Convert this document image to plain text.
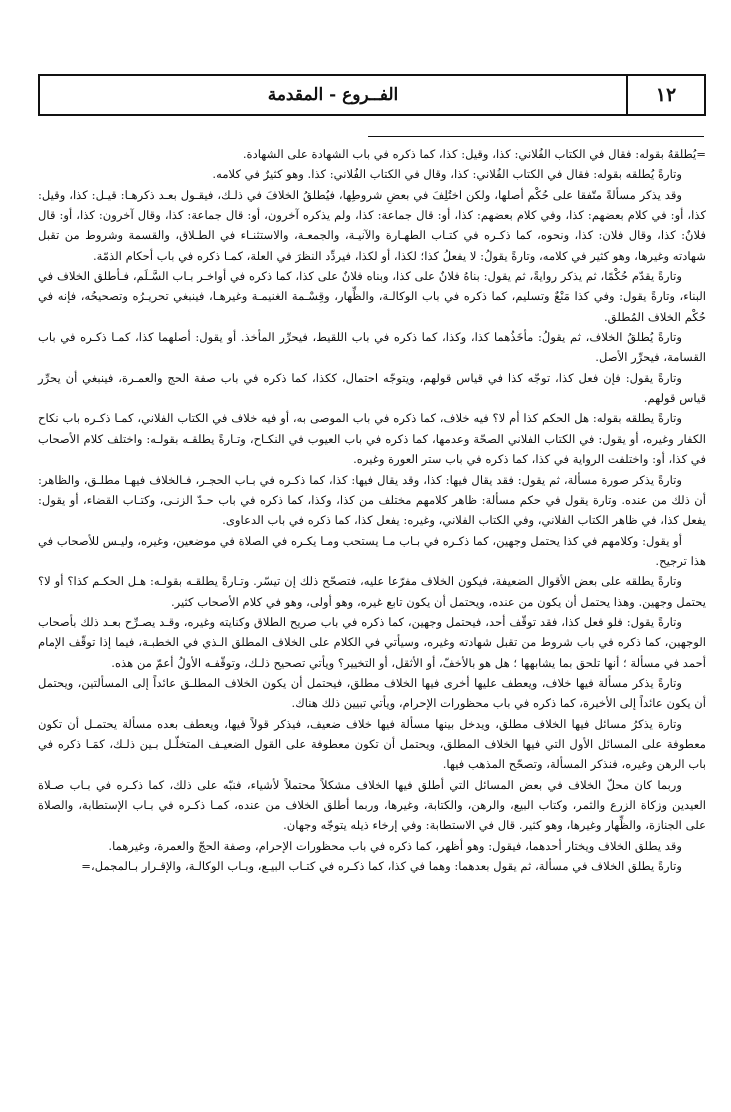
١٢
الفــروع - المقدمة

=يُطلقهُ بقوله: فقال في الكتاب الفُلاني: كذا، وقيل: كذا، كما ذكره في باب الشهادة على الشهادة.

وتارةً يُطلقه بقوله: فقال في الكتاب الفُلاني: كذا، وقال في الكتاب الفُلاني: كذا. وهو كثيرٌ في كلامه.

وقد يذكر مسألةً متّفقا على حُكْم أصلها، ولكن اختُلِفَ في بعضِ شروطِها، فيُطلقُ الخلافَ في ذلـك، فيقـول بعـد ذكرهـا: قيـل: كذا، وقيل: كذا، أو: في كلام بعضهم: كذا، وفي كلام بعضهم: كذا، أو: قال جماعة: كذا، ولم يذكره آخرون، أو: قال جماعة: كذا، وقال آخرون: كذا، أو: قال فلانٌ: كذا، وقال فلان: كذا، ونحوه، كما ذكـره في كتـاب الطهـارة والآنيـة، والجمعـة، والاستثنـاء في الطـلاق، والقسمة وشروط من تقبل شهادته وغيرها، وهو كثير في كلامه، وتارةً يقولُ: لا يفعلُ كذا؛ لكذا، أو لكذا، فيردِّد النظرَ في العلة، كمـا ذكره في باب أحكام الذمّة.

وتارةً يقدّم حُكْمًا، ثم يذكر روايةً، ثم يقول: بناهُ فلانٌ على كذا، وبناه فلانٌ على كذا، كما ذكره في أواخـر بـاب السَّـلَم، فـأطلق الخلاف في البناء، وتارةً يقول: وفي كذا مَنْعٌ وتسليم، كما ذكره في باب الوكالـة، والظِّهار، وقِسْـمة الغنيمـة وغيرهـا، فينبغي تحريـرُه وتصحيحُه، فإنه في حُكْم الخلاف المُطلق.

وتارةً يُطلقُ الخلاف، ثم يقولُ: مأخَذُهما كذا، وكذا، كما ذكره في باب اللقيط، فيحرِّر المأخذ. أو يقول: أصلهما كذا، كمـا ذكـره في باب القسامة، فيحرِّر الأصل.

وتارةً يقول: فإن فعل كذا، توجّه كذا في قياس قولهم، ويتوجّه احتمال، ككذا، كما ذكره في باب صفة الحج والعمـرة، فينبغي أن يحرِّر قياس قولهم.

وتارةً يطلقه بقوله: هل الحكم كذا أم لا؟ فيه خلاف، كما ذكره في باب الموصى به، أو فيه خلاف في الكتاب الفلاني، كمـا ذكـره باب نكاح الكفار وغيره، أو يقول: في الكتاب الفلاني الصحّة وعدمها، كما ذكره في باب العيوب في النكـاح، وتـارةً يطلقـه بقولـه: واختلف كلام الأصحاب في كذا، أو: واختلفت الرواية في كذا، كما ذكره في باب ستر العورة وغيره.

وتارةً يذكر صورة مسألة، ثم يقول: فقد يقال فيها: كذا، وقد يقال فيها: كذا، كما ذكـره في بـاب الحجـر، فـالخلاف فيهـا مطلـق، والظاهر: أن ذلك من عنده. وتارة يقول في حكم مسألة: ظاهر كلامهم مختلف من كذا، وكذا، كما ذكره في باب حـدّ الزنـى، وكتـاب القضاء، أو يقول: يفعل كذا، في ظاهر الكتاب الفلاني، وفي الكتاب الفلاني، وغيره: يفعل كذا، كما ذكره في باب الدعاوى.

أو يقول: وكلامهم في كذا يحتمل وجهين، كما ذكـره في بـاب مـا يستحب ومـا يكـره في الصلاة في موضعين، وغيره، وليـس للأصحاب في هذا ترجيح.

وتارةً يطلقه على بعض الأقوال الضعيفة، فيكون الخلاف مفرّعا عليه، فتصحّح ذلك إن تيسّر. وتـارةً يطلقـه بقولـه: هـل الحكـم كذا؟ أو لا؟ يحتمل وجهين. وهذا يحتمل أن يكون من عنده، ويحتمل أن يكون تابع غيره، وهو أولى، وهو في كلام الأصحاب كثير.

وتارةً يقول: فلو فعل كذا، فقد توقّف أحد، فيحتمل وجهين، كما ذكره في باب صريح الطلاق وكنايته وغيره، وقـد يصـرِّح بعـد ذلك بأصحاب الوجهين، كما ذكره في باب شروط من تقبل شهادته وغيره، وسيأتي في الكلام على الخلاف المطلق الـذي في الخطبـة، فيما إذا توقّف الإمام أحمد في مسألة ؛ أنها تلحق بما يشابهها ؛ هل هو بالأخفّ، أو الأثقل، أو التخيير؟ ويأتي تصحيح ذلـك، وتوقّفـه الأولُ أعمّ من هذه.

وتارةً يذكر مسألة فيها خلاف، ويعطف عليها أخرى فيها الخلاف مطلق، فيحتمل أن يكون الخلاف المطلـق عائداً إلى المسألتين، ويحتمل أن يكون عائداً إلى الأخيرة، كما ذكره في باب محظورات الإحرام، ويأتي تبيين ذلك هناك.

وتارة يذكرُ مسائل فيها الخلاف مطلق، ويدخل بينها مسألة فيها خلاف ضعيف، فيذكر قولاً فيها، ويعطف بعده مسألة يحتمـل أن تكون معطوفة على المسائل الأول التي فيها الخلاف المطلق، ويحتمل أن تكون معطوفة على القول الضعيـف المتخلّـل بـين ذلـك، كمَـا ذكره في باب الرهن وغيره، فنذكر المسألة، وتصحّح المذهب فيها.

وربما كان محلّ الخلاف في بعض المسائل التي أطلق فيها الخلاف مشكلاً محتملاً لأشياء، فنبّه على ذلك، كما ذكـره في بـاب صـلاة العيدين وزكاة الزرع والثمر، وكتاب البيع، والرهن، والكتابة، وغيرها، وربما أطلق الخلاف من عنده، كمـا ذكـره في بـاب الإستطابة، والصلاة على الجنازة، والظِّهار وغيرها، وهو كثير. قال في الاستطابة: وفي إرخاء ذيله يتوجّه وجهان.

وقد يطلق الخلاف ويختار أحدهما، فيقول: وهو أظهر، كما ذكره في باب محظورات الإحرام، وصفة الحجّ والعمرة، وغيرهما.

وتارةً يطلق الخلاف في مسألة، ثم يقول بعدهما: وهما في كذا، كما ذكـره في كتـاب البيـع، وبـاب الوكالـة، والإقـرار بـالمجمل،=
